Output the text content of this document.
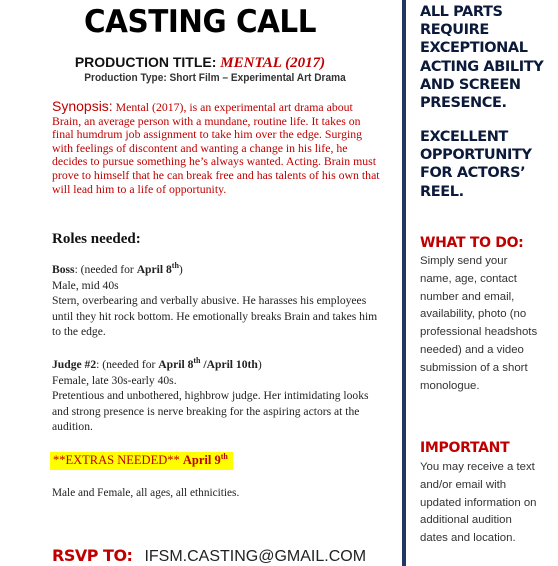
CASTING CALL
PRODUCTION TITLE: MENTAL (2017)
Production Type: Short Film – Experimental Art Drama
Synopsis: Mental (2017), is an experimental art drama about Brain, an average person with a mundane, routine life. It takes on final humdrum job assignment to take him over the edge. Surging with feelings of discontent and wanting a change in his life, he decides to pursue something he’s always wanted. Acting. Brain must prove to himself that he can break free and has talents of his own that will lead him to a life of opportunity.
Roles needed:
Boss: (needed for April 8th)
Male, mid 40s
Stern, overbearing and verbally abusive. He harasses his employees until they hit rock bottom. He emotionally breaks Brain and takes him to the edge.
Judge #2: (needed for April 8th /April 10th)
Female, late 30s-early 40s.
Pretentious and unbothered, highbrow judge. Her intimidating looks and strong presence is nerve breaking for the aspiring actors at the audition.
**EXTRAS NEEDED** April 9th
Male and Female, all ages, all ethnicities.
RSVP TO: IFSM.CASTING@GMAIL.COM
ALL PARTS REQUIRE EXCEPTIONAL ACTING ABILITY AND SCREEN PRESENCE.
EXCELLENT OPPORTUNITY FOR ACTORS’ REEL.
WHAT TO DO:
Simply send your name, age, contact number and email, availability, photo (no professional headshots needed) and a video submission of a short monologue.
IMPORTANT
You may receive a text and/or email with updated information on additional audition dates and location.
